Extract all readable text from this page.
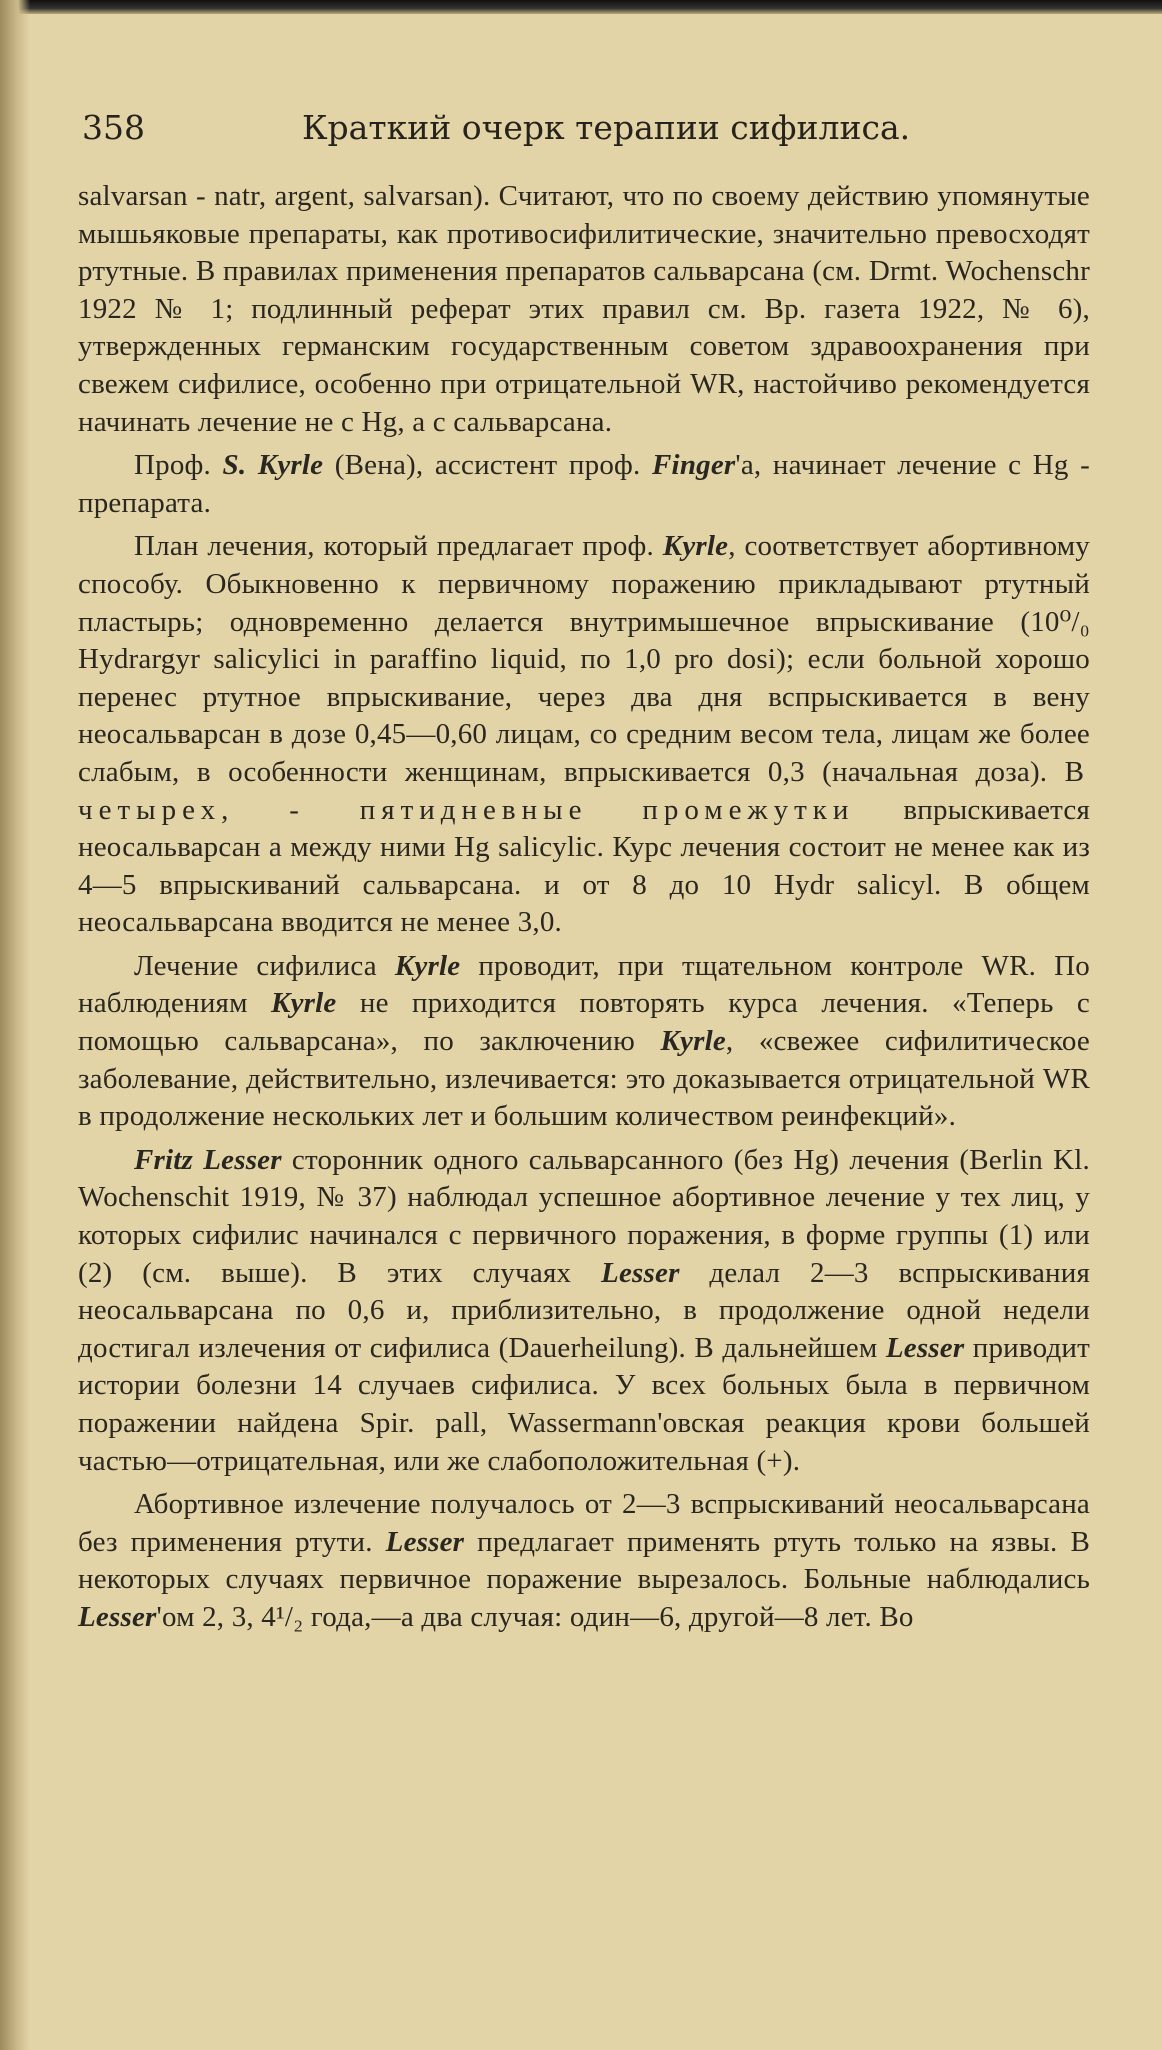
358	Краткий очерк терапии сифилиса.

salvarsan - natr, argent, salvarsan). Считают, что по своему действию упомянутые мышьяковые препараты, как противосифилитические, значительно превосходят ртутные. В правилах применения препаратов сальварсана (см. Drmt. Wochenschr 1922 № 1; подлинный реферат этих правил см. Вр. газета 1922, № 6), утвержденных германским государственным советом здравоохранения при свежем сифилисе, особенно при отрицательной WR, настойчиво рекомендуется начинать лечение не с Hg, а с сальварсана.

Проф. S. Kyrle (Вена), ассистент проф. Finger'а, начинает лечение с Hg - препарата.

План лечения, который предлагает проф. Kyrle, соответствует абортивному способу. Обыкновенно к первичному поражению прикладывают ртутный пластырь; одновременно делается внутримышечное впрыскивание (10⁰/₀ Hydrargyr salicylici in paraffino liquid, по 1,0 pro dosi); если больной хорошо перенес ртутное впрыскивание, через два дня вспрыскивается в вену неосальварсан в дозе 0,45—0,60 лицам, со средним весом тела, лицам же более слабым, в особенности женщинам, впрыскивается 0,3 (начальная доза). В четырех, - пятидневные промежутки впрыскивается неосальварсан а между ними Hg salicylic. Курс лечения состоит не менее как из 4—5 впрыскиваний сальварсана. и от 8 до 10 Hydr salicyl. В общем неосальварсана вводится не менее 3,0.

Лечение сифилиса Kyrle проводит, при тщательном контроле WR. По наблюдениям Kyrle не приходится повторять курса лечения. «Теперь с помощью сальварсана», по заключению Kyrle, «свежее сифилитическое заболевание, действительно, излечивается: это доказывается отрицательной WR в продолжение нескольких лет и большим количеством реинфекций».

Fritz Lesser сторонник одного сальварсанного (без Hg) лечения (Berlin Kl. Wochenschit 1919, № 37) наблюдал успешное абортивное лечение у тех лиц, у которых сифилис начинался с первичного поражения, в форме группы (1) или (2) (см. выше). В этих случаях Lesser делал 2—3 вспрыскивания неосальварсана по 0,6 и, приблизительно, в продолжение одной недели достигал излечения от сифилиса (Dauerheilung). В дальнейшем Lesser приводит истории болезни 14 случаев сифилиса. У всех больных была в первичном поражении найдена Spir. pall, Wassermann'овская реакция крови большей частью—отрицательная, или же слабоположительная (+).

Абортивное излечение получалось от 2—3 вспрыскиваний неосальварсана без применения ртути. Lesser предлагает применять ртуть только на язвы. В некоторых случаях первичное поражение вырезалось. Больные наблюдались Lesser'ом 2, 3, 4¹/₂ года,—а два случая: один—6, другой—8 лет. Во
